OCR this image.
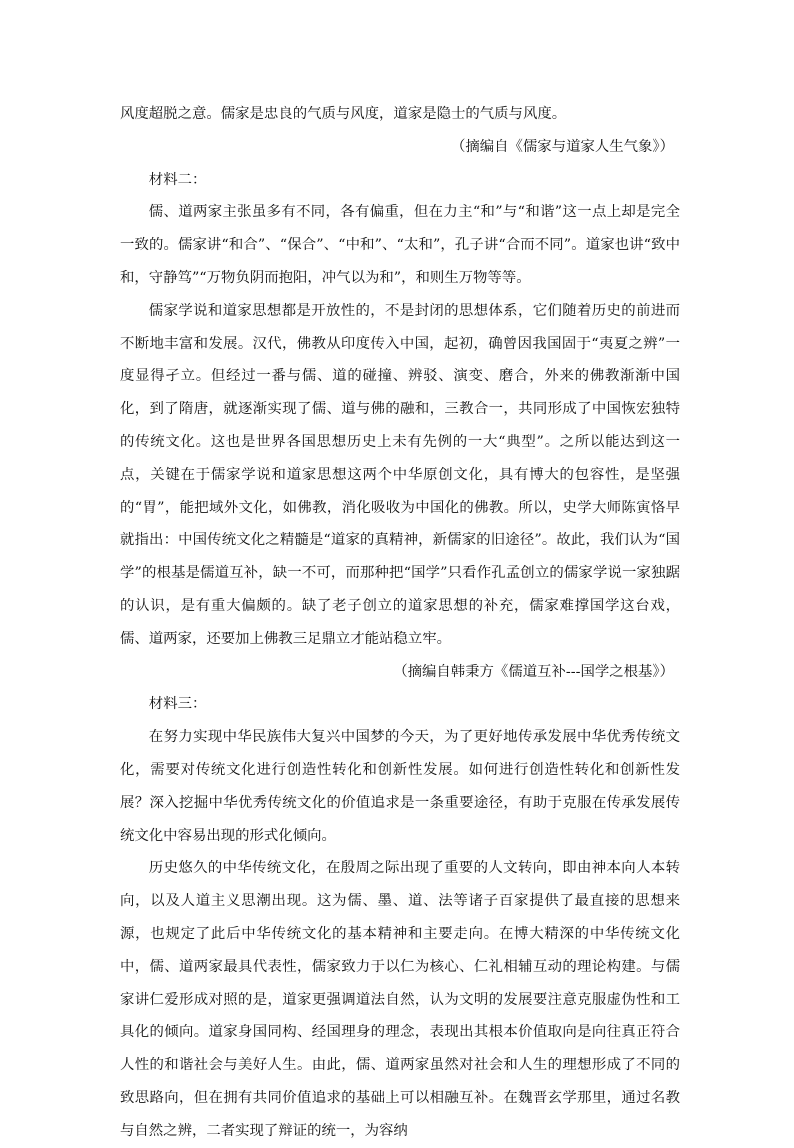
风度超脱之意。儒家是忠良的气质与风度，道家是隐士的气质与风度。

（摘编自《儒家与道家人生气象》）

材料二：

儒、道两家主张虽多有不同，各有偏重，但在力主“和”与“和谐”这一点上却是完全一致的。儒家讲“和合”、“保合”、“中和”、“太和”，孔子讲“合而不同”。道家也讲“致中和，守静笃”“万物负阴而抱阳，冲气以为和”，和则生万物等等。

儒家学说和道家思想都是开放性的，不是封闭的思想体系，它们随着历史的前进而不断地丰富和发展。汉代，佛教从印度传入中国，起初，确曾因我国固于“夷夏之辨”一度显得孑立。但经过一番与儒、道的碰撞、辨驳、演变、磨合，外来的佛教渐渐中国化，到了隋唐，就逐渐实现了儒、道与佛的融和，三教合一，共同形成了中国恢宏独特的传统文化。这也是世界各国思想历史上未有先例的一大“典型”。之所以能达到这一点，关键在于儒家学说和道家思想这两个中华原创文化，具有博大的包容性，是坚强的“胃”，能把域外文化，如佛教，消化吸收为中国化的佛教。所以，史学大师陈寅恪早就指出：中国传统文化之精髓是“道家的真精神，新儒家的旧途径”。故此，我们认为“国学”的根基是儒道互补，缺一不可，而那种把“国学”只看作孔孟创立的儒家学说一家独踞的认识，是有重大偏颇的。缺了老子创立的道家思想的补充，儒家难撑国学这台戏，儒、道两家，还要加上佛教三足鼎立才能站稳立牢。

（摘编自韩秉方《儒道互补---国学之根基》）

材料三：

在努力实现中华民族伟大复兴中国梦的今天，为了更好地传承发展中华优秀传统文化，需要对传统文化进行创造性转化和创新性发展。如何进行创造性转化和创新性发展？深入挖掘中华优秀传统文化的价值追求是一条重要途径，有助于克服在传承发展传统文化中容易出现的形式化倾向。

历史悠久的中华传统文化，在殷周之际出现了重要的人文转向，即由神本向人本转向，以及人道主义思潮出现。这为儒、墨、道、法等诸子百家提供了最直接的思想来源，也规定了此后中华传统文化的基本精神和主要走向。在博大精深的中华传统文化中，儒、道两家最具代表性，儒家致力于以仁为核心、仁礼相辅互动的理论构建。与儒家讲仁爱形成对照的是，道家更强调道法自然，认为文明的发展要注意克服虚伪性和工具化的倾向。道家身国同构、经国理身的理念，表现出其根本价值取向是向往真正符合人性的和谐社会与美好人生。由此，儒、道两家虽然对社会和人生的理想形成了不同的致思路向，但在拥有共同价值追求的基础上可以相融互补。在魏晋玄学那里，通过名教与自然之辨，二者实现了辩证的统一，为容纳
